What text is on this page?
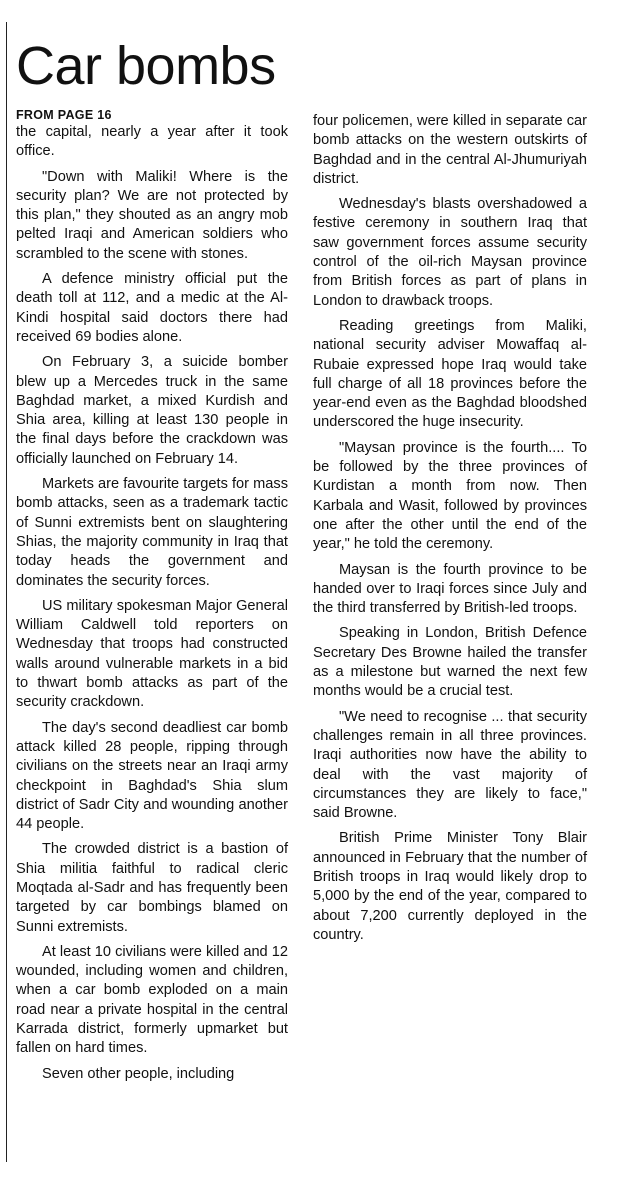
Car bombs
FROM PAGE 16

the capital, nearly a year after it took office.

"Down with Maliki! Where is the security plan? We are not protected by this plan," they shouted as an angry mob pelted Iraqi and American soldiers who scrambled to the scene with stones.

A defence ministry official put the death toll at 112, and a medic at the Al-Kindi hospital said doctors there had received 69 bodies alone.

On February 3, a suicide bomber blew up a Mercedes truck in the same Baghdad market, a mixed Kurdish and Shia area, killing at least 130 people in the final days before the crackdown was officially launched on February 14.

Markets are favourite targets for mass bomb attacks, seen as a trademark tactic of Sunni extremists bent on slaughtering Shias, the majority community in Iraq that today heads the government and dominates the security forces.

US military spokesman Major General William Caldwell told reporters on Wednesday that troops had constructed walls around vulnerable markets in a bid to thwart bomb attacks as part of the security crackdown.

The day's second deadliest car bomb attack killed 28 people, ripping through civilians on the streets near an Iraqi army checkpoint in Baghdad's Shia slum district of Sadr City and wounding another 44 people.

The crowded district is a bastion of Shia militia faithful to radical cleric Moqtada al-Sadr and has frequently been targeted by car bombings blamed on Sunni extremists.

At least 10 civilians were killed and 12 wounded, including women and children, when a car bomb exploded on a main road near a private hospital in the central Karrada district, formerly upmarket but fallen on hard times.

Seven other people, including

four policemen, were killed in separate car bomb attacks on the western outskirts of Baghdad and in the central Al-Jhumuriyah district.

Wednesday's blasts overshadowed a festive ceremony in southern Iraq that saw government forces assume security control of the oil-rich Maysan province from British forces as part of plans in London to drawback troops.

Reading greetings from Maliki, national security adviser Mowaffaq al-Rubaie expressed hope Iraq would take full charge of all 18 provinces before the year-end even as the Baghdad bloodshed underscored the huge insecurity.

"Maysan province is the fourth.... To be followed by the three provinces of Kurdistan a month from now. Then Karbala and Wasit, followed by provinces one after the other until the end of the year," he told the ceremony.

Maysan is the fourth province to be handed over to Iraqi forces since July and the third transferred by British-led troops.

Speaking in London, British Defence Secretary Des Browne hailed the transfer as a milestone but warned the next few months would be a crucial test.

"We need to recognise ... that security challenges remain in all three provinces. Iraqi authorities now have the ability to deal with the vast majority of circumstances they are likely to face," said Browne.

British Prime Minister Tony Blair announced in February that the number of British troops in Iraq would likely drop to 5,000 by the end of the year, compared to about 7,200 currently deployed in the country.
